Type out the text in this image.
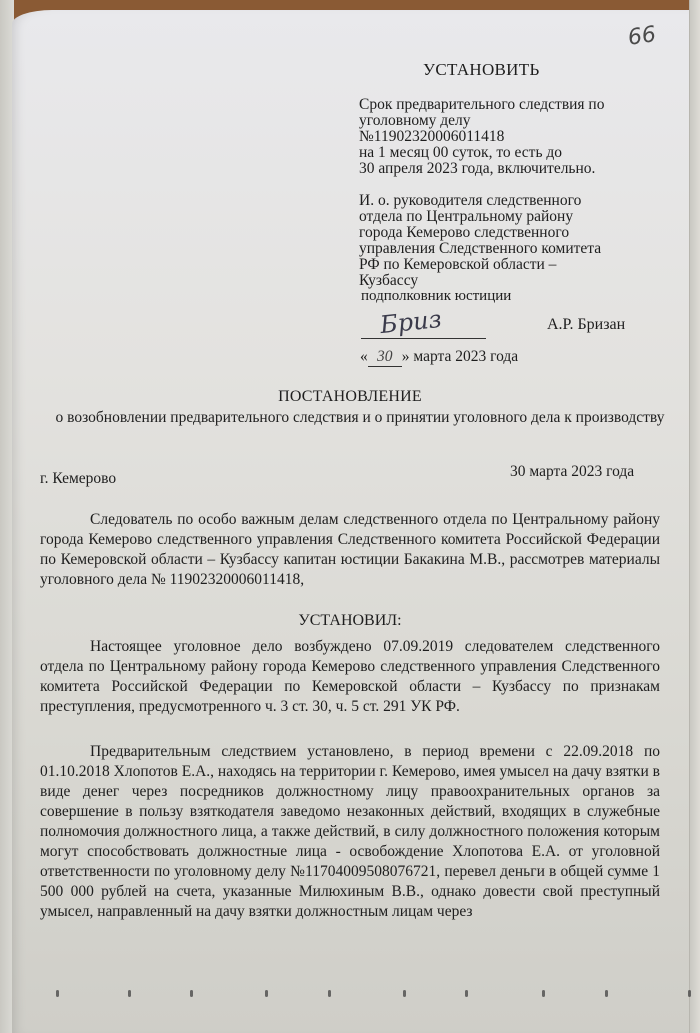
66
УСТАНОВИТЬ
Срок предварительного следствия по
уголовному делу
№11902320006011418
на 1 месяц 00 суток, то есть до
30 апреля 2023 года, включительно.
И. о. руководителя следственного
отдела по Центральному району
города Кемерово следственного
управления Следственного комитета
РФ по Кемеровской области –
Кузбассу
подполковник юстиции
Бриз	А.Р. Бризан
« 30 » марта 2023 года
ПОСТАНОВЛЕНИЕ
о возобновлении предварительного следствия и о принятии уголовного дела к производству
г. Кемерово	30 марта 2023 года
Следователь по особо важным делам следственного отдела по Центральному району города Кемерово следственного управления Следственного комитета Российской Федерации по Кемеровской области – Кузбассу капитан юстиции Бакакина М.В., рассмотрев материалы уголовного дела № 11902320006011418,
УСТАНОВИЛ:
Настоящее уголовное дело возбуждено 07.09.2019 следователем следственного отдела по Центральному району города Кемерово следственного управления Следственного комитета Российской Федерации по Кемеровской области – Кузбассу по признакам преступления, предусмотренного ч. 3 ст. 30, ч. 5 ст. 291 УК РФ.
Предварительным следствием установлено, в период времени с 22.09.2018 по 01.10.2018 Хлопотов Е.А., находясь на территории г. Кемерово, имея умысел на дачу взятки в виде денег через посредников должностному лицу правоохранительных органов за совершение в пользу взяткодателя заведомо незаконных действий, входящих в служебные полномочия должностного лица, а также действий, в силу должностного положения которым могут способствовать должностные лица - освобождение Хлопотова Е.А. от уголовной ответственности по уголовному делу №11704009508076721, перевел деньги в общей сумме 1 500 000 рублей на счета, указанные Милюхиным В.В., однако довести свой преступный умысел, направленный на дачу взятки должностным лицам через
